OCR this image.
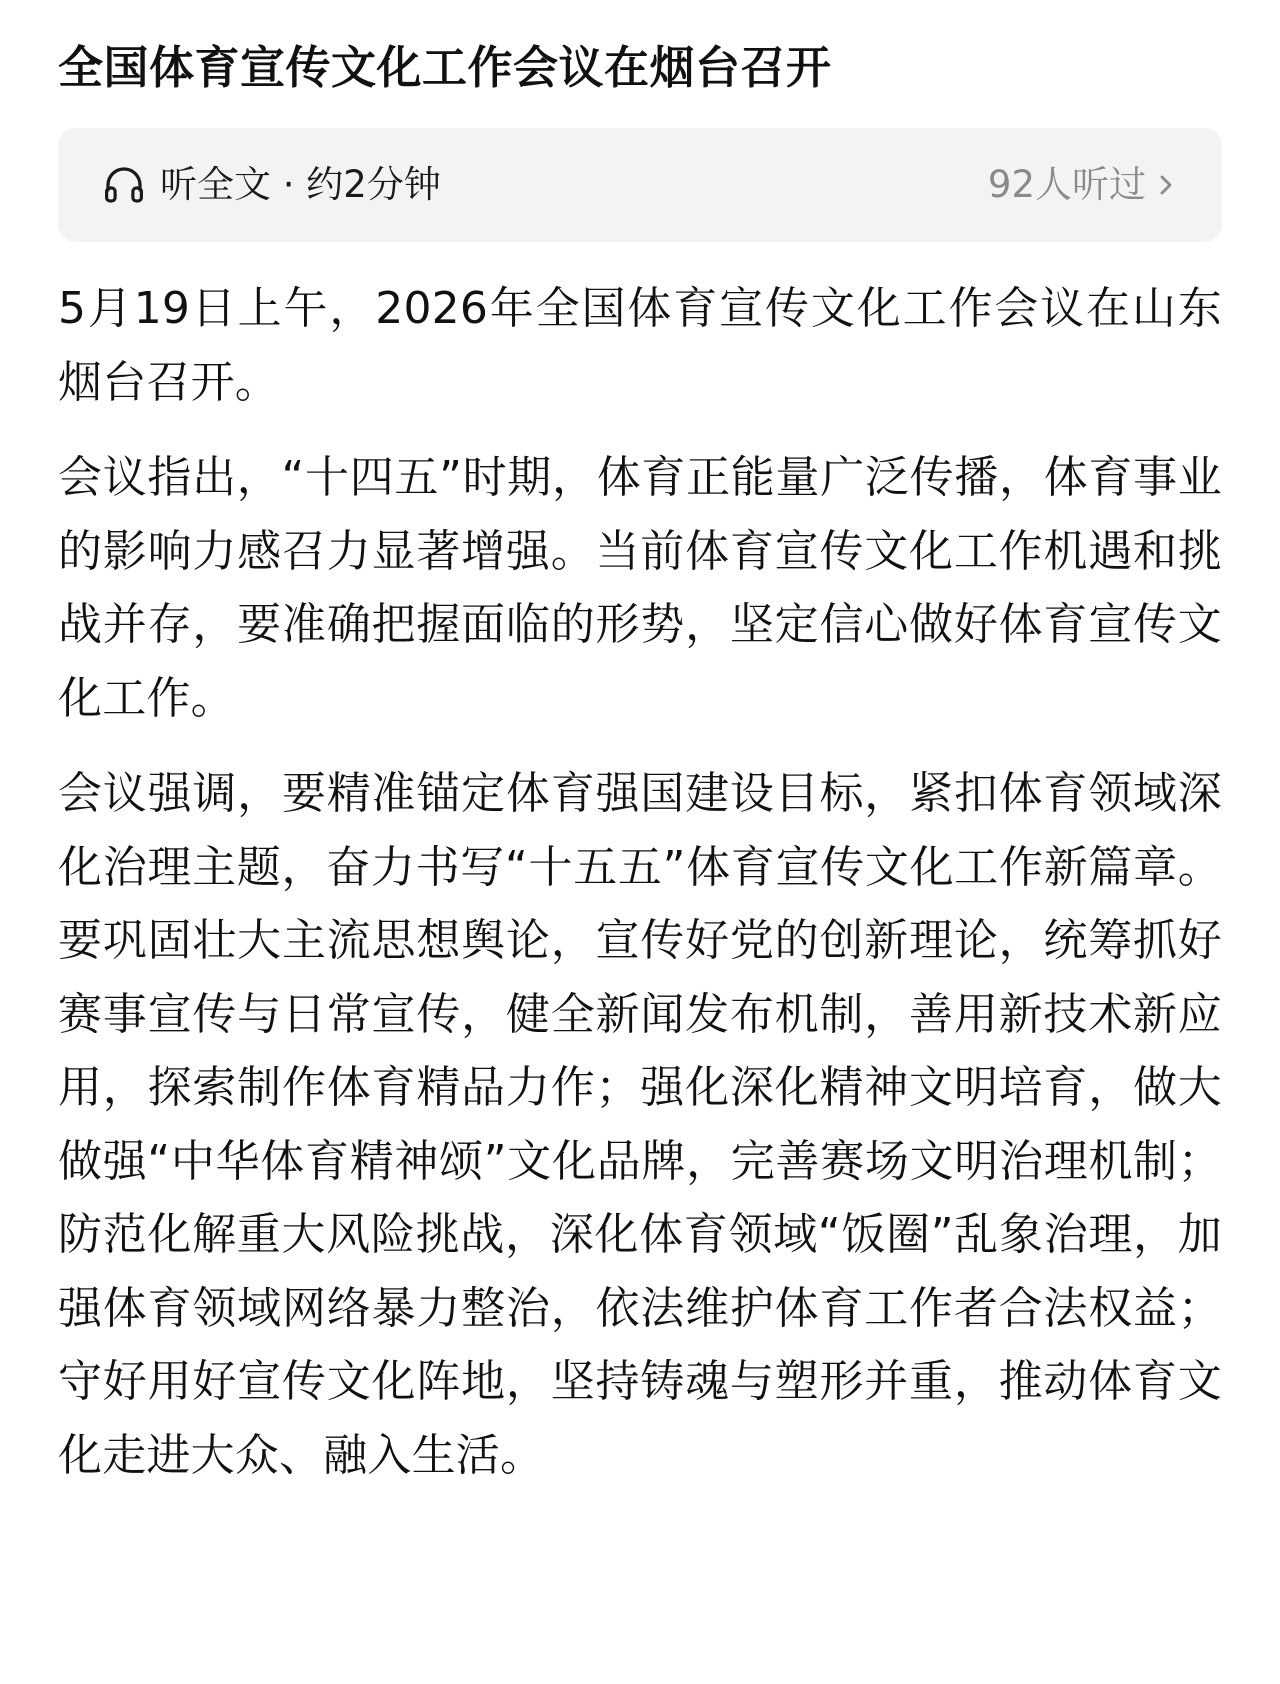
全国体育宣传文化工作会议在烟台召开
听全文 · 约2分钟	92人听过

5月19日上午，2026年全国体育宣传文化工作会议在山东烟台召开。

会议指出，“十四五”时期，体育正能量广泛传播，体育事业的影响力感召力显著增强。当前体育宣传文化工作机遇和挑战并存，要准确把握面临的形势，坚定信心做好体育宣传文化工作。

会议强调，要精准锚定体育强国建设目标，紧扣体育领域深化治理主题，奋力书写“十五五”体育宣传文化工作新篇章。要巩固壮大主流思想舆论，宣传好党的创新理论，统筹抓好赛事宣传与日常宣传，健全新闻发布机制，善用新技术新应用，探索制作体育精品力作；强化深化精神文明培育，做大做强“中华体育精神颂”文化品牌，完善赛场文明治理机制；防范化解重大风险挑战，深化体育领域“饭圈”乱象治理，加强体育领域网络暴力整治，依法维护体育工作者合法权益；守好用好宣传文化阵地，坚持铸魂与塑形并重，推动体育文化走进大众、融入生活。
